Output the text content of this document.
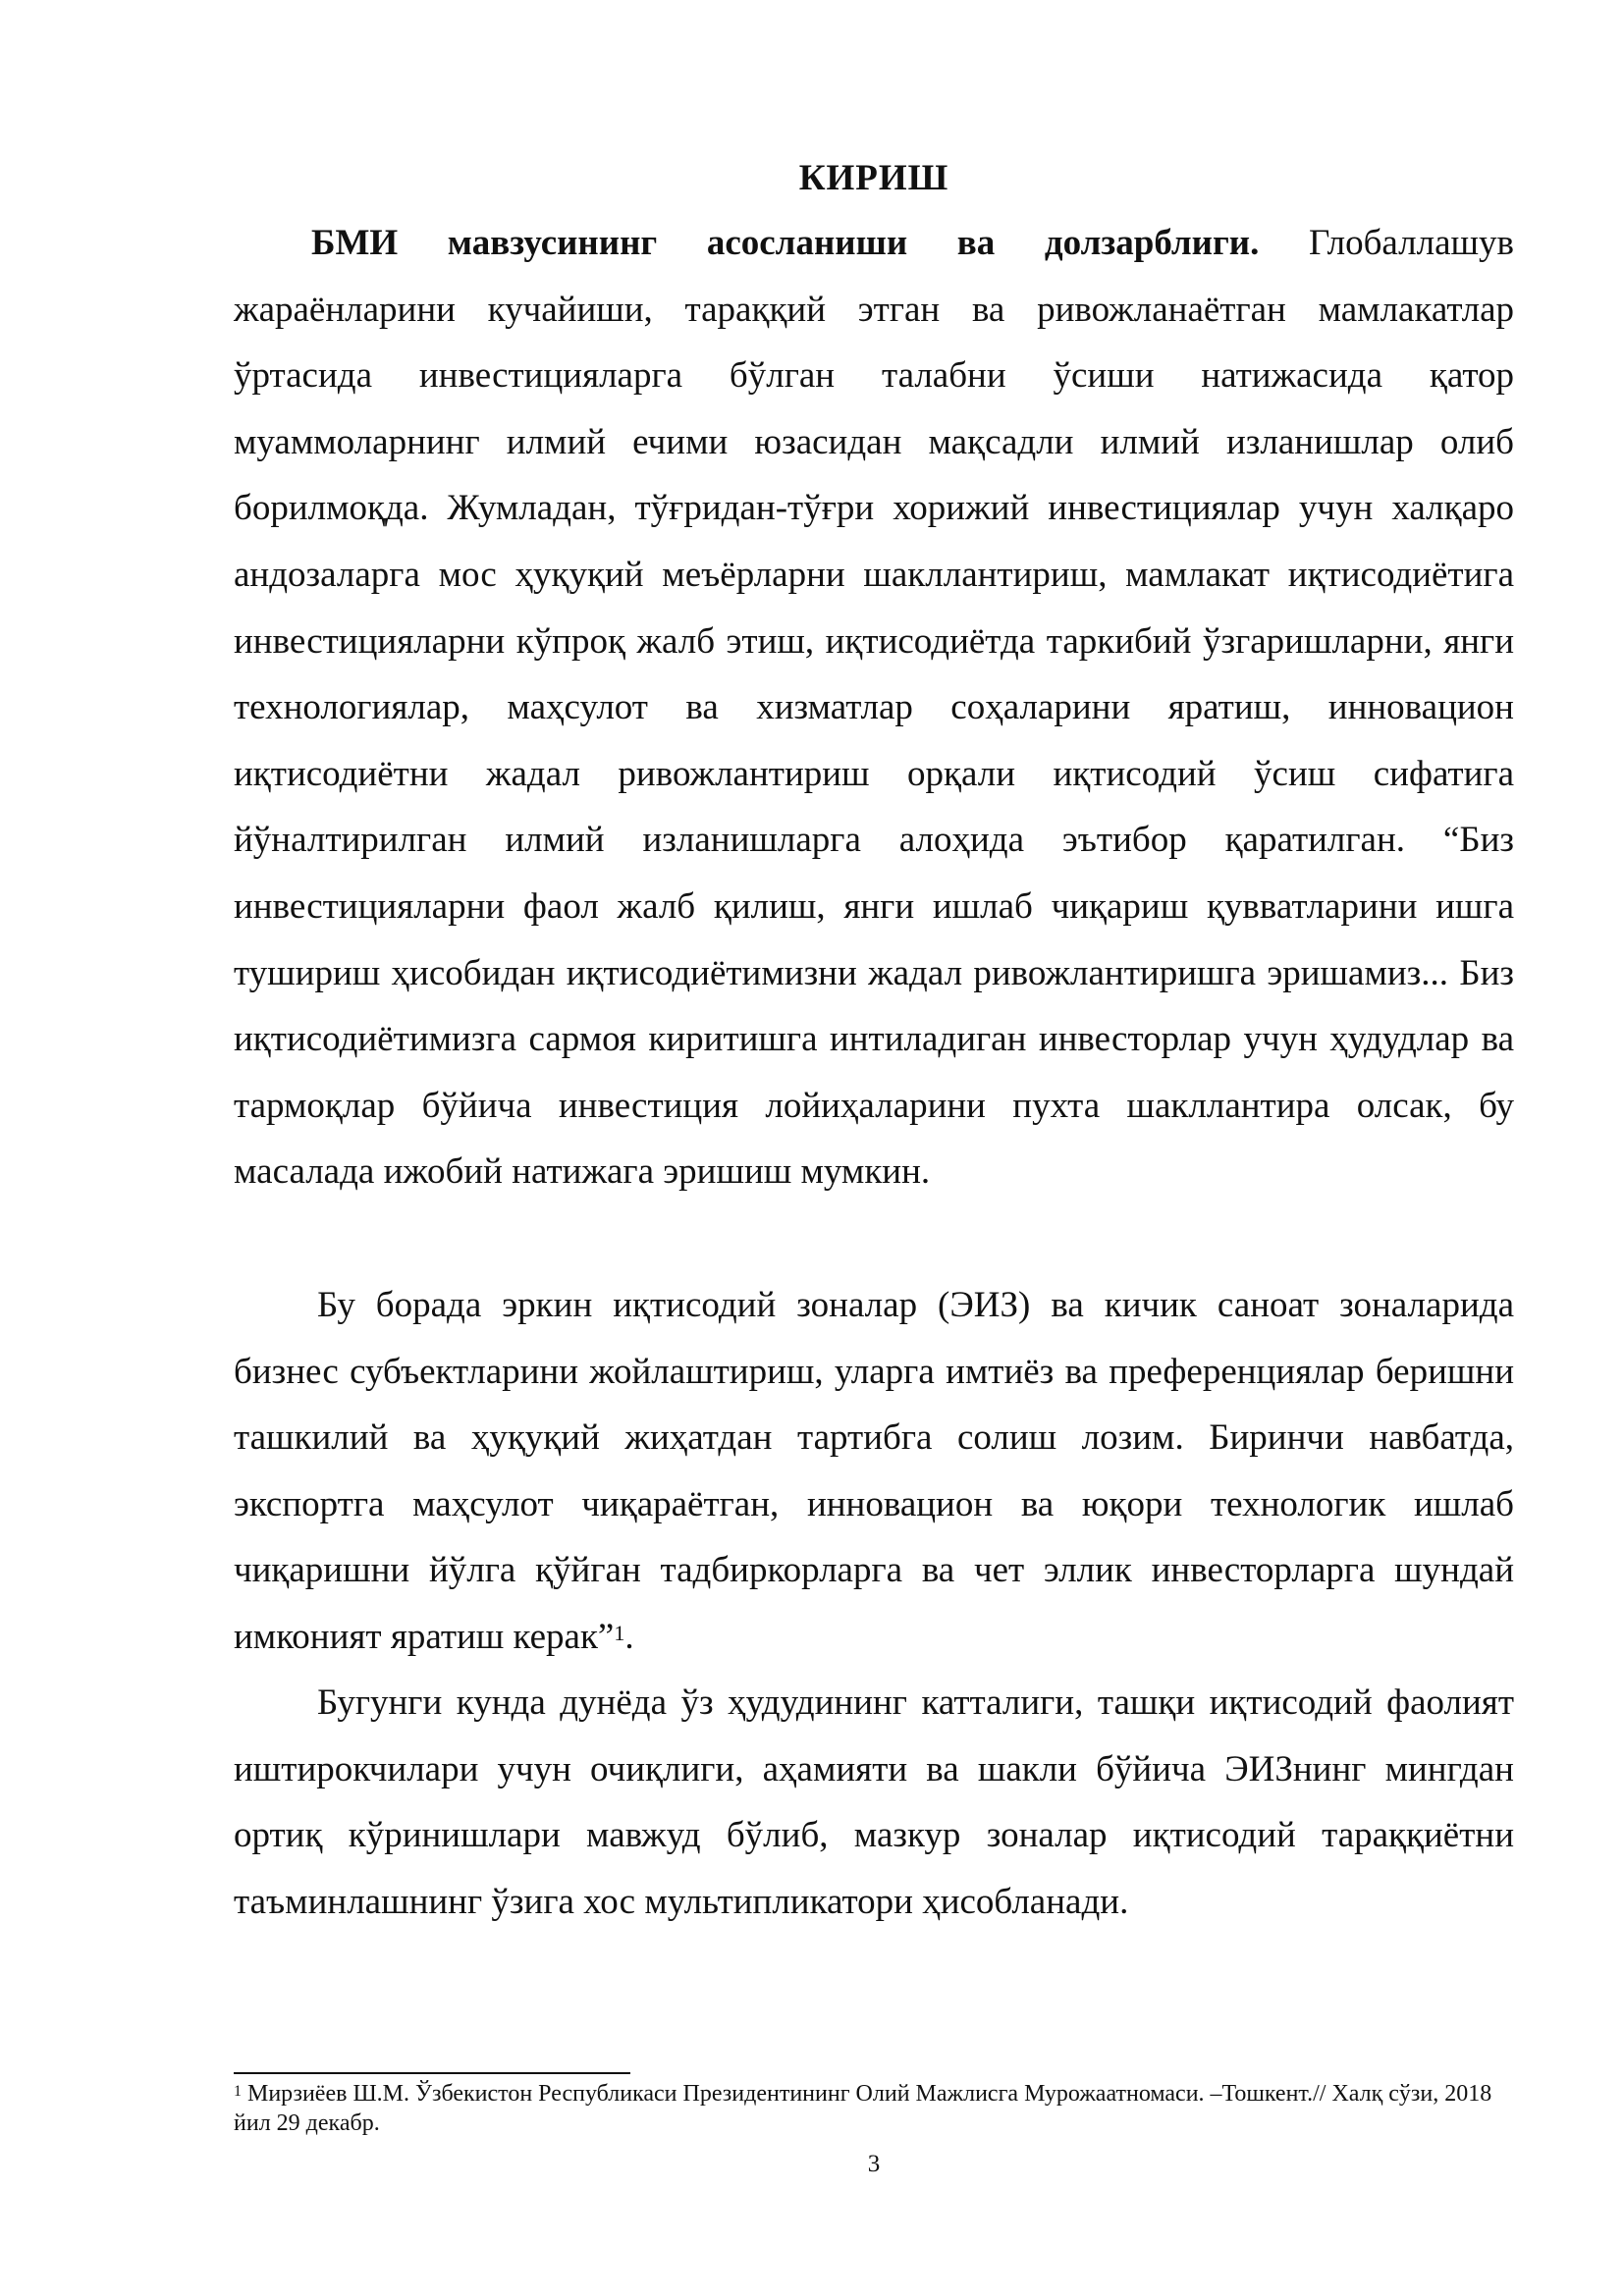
КИРИШ

БМИ мавзусининг асосланиши ва долзарблиги. Глобаллашув жараёнларини кучайиши, тараққий этган ва ривожланаётган мамлакатлар ўртасида инвестицияларга бўлган талабни ўсиши натижасида қатор муаммоларнинг илмий ечими юзасидан мақсадли илмий изланишлар олиб борилмоқда. Жумладан, тўғридан-тўғри хорижий инвестициялар учун халқаро андозаларга мос ҳуқуқий меъёрларни шакллантириш, мамлакат иқтисодиётига инвестицияларни кўпроқ жалб этиш, иқтисодиётда таркибий ўзгаришларни, янги технологиялар, маҳсулот ва хизматлар соҳаларини яратиш, инновацион иқтисодиётни жадал ривожлантириш орқали иқтисодий ўсиш сифатига йўналтирилган илмий изланишларга алоҳида эътибор қаратилган. “Биз инвестицияларни фаол жалб қилиш, янги ишлаб чиқариш қувватларини ишга тушириш ҳисобидан иқтисодиётимизни жадал ривожлантиришга эришамиз... Биз иқтисодиётимизга сармоя киритишга интиладиган инвесторлар учун ҳудудлар ва тармоқлар бўйича инвестиция лойиҳаларини пухта шакллантира олсак, бу масалада ижобий натижага эришиш мумкин.

Бу борада эркин иқтисодий зоналар (ЭИЗ) ва кичик саноат зоналарида бизнес субъектларини жойлаштириш, уларга имтиёз ва преференциялар беришни ташкилий ва ҳуқуқий жиҳатдан тартибга солиш лозим. Биринчи навбатда, экспортга маҳсулот чиқараётган, инновацион ва юқори технологик ишлаб чиқаришни йўлга қўйган тадбиркорларга ва чет эллик инвесторларга шундай имконият яратиш керак”$^1$.

Бугунги кунда дунёда ўз ҳудудининг катталиги, ташқи иқтисодий фаолият иштирокчилари учун очиқлиги, аҳамияти ва шакли бўйича ЭИЗнинг мингдан ортиқ кўринишлари мавжуд бўлиб, мазкур зоналар иқтисодий тараққиётни таъминлашнинг ўзига хос мультипликатори ҳисобланади.

$^1$ Мирзиёев Ш.М. Ўзбекистон Республикаси Президентининг Олий Мажлисга Мурожаатномаси. –Тошкент.// Халқ сўзи, 2018 йил 29 декабр.
3
